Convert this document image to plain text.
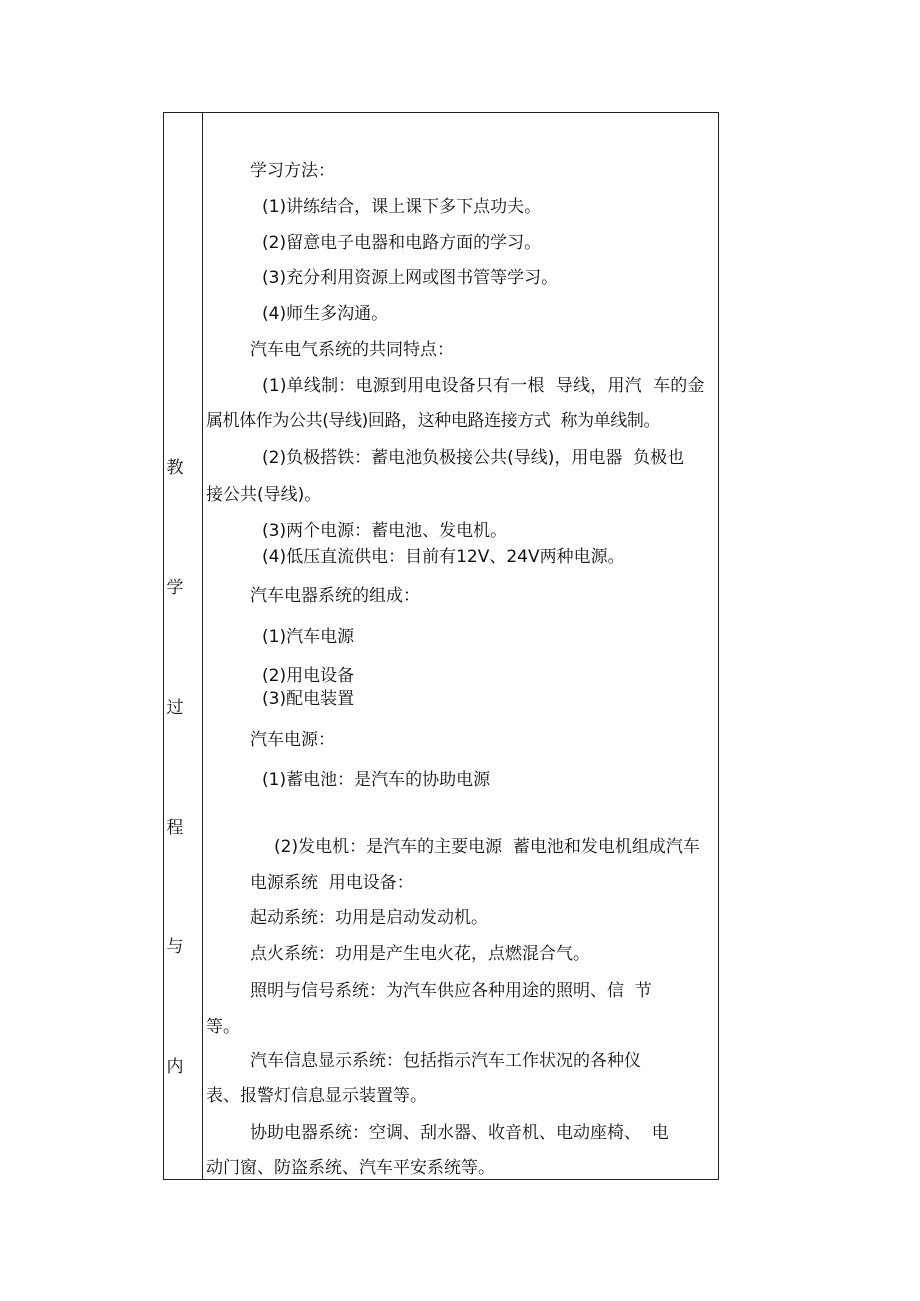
教
学
过
程
与
内
学习方法：
(1)讲练结合，课上课下多下点功夫。
(2)留意电子电器和电路方面的学习。
(3)充分利用资源上网或图书管等学习。
(4)师生多沟通。
汽车电气系统的共同特点：
(1)单线制：电源到用电设备只有一根  导线，用汽  车的金
属机体作为公共(导线)回路，这种电路连接方式  称为单线制。
(2)负极搭铁：蓄电池负极接公共(导线)，用电器  负极也
接公共(导线)。
(3)两个电源：蓄电池、发电机。
(4)低压直流供电：目前有12V、24V两种电源。
汽车电器系统的组成：
(1)汽车电源
(2)用电设备
(3)配电装置
汽车电源：
(1)蓄电池：是汽车的协助电源
(2)发电机：是汽车的主要电源  蓄电池和发电机组成汽车
电源系统  用电设备：
起动系统：功用是启动发动机。
点火系统：功用是产生电火花，点燃混合气。
照明与信号系统：为汽车供应各种用途的照明、信  节
等。
汽车信息显示系统：包括指示汽车工作状况的各种仪
表、报警灯信息显示装置等。
协助电器系统：空调、刮水器、收音机、电动座椅、  电
动门窗、防盗系统、汽车平安系统等。
